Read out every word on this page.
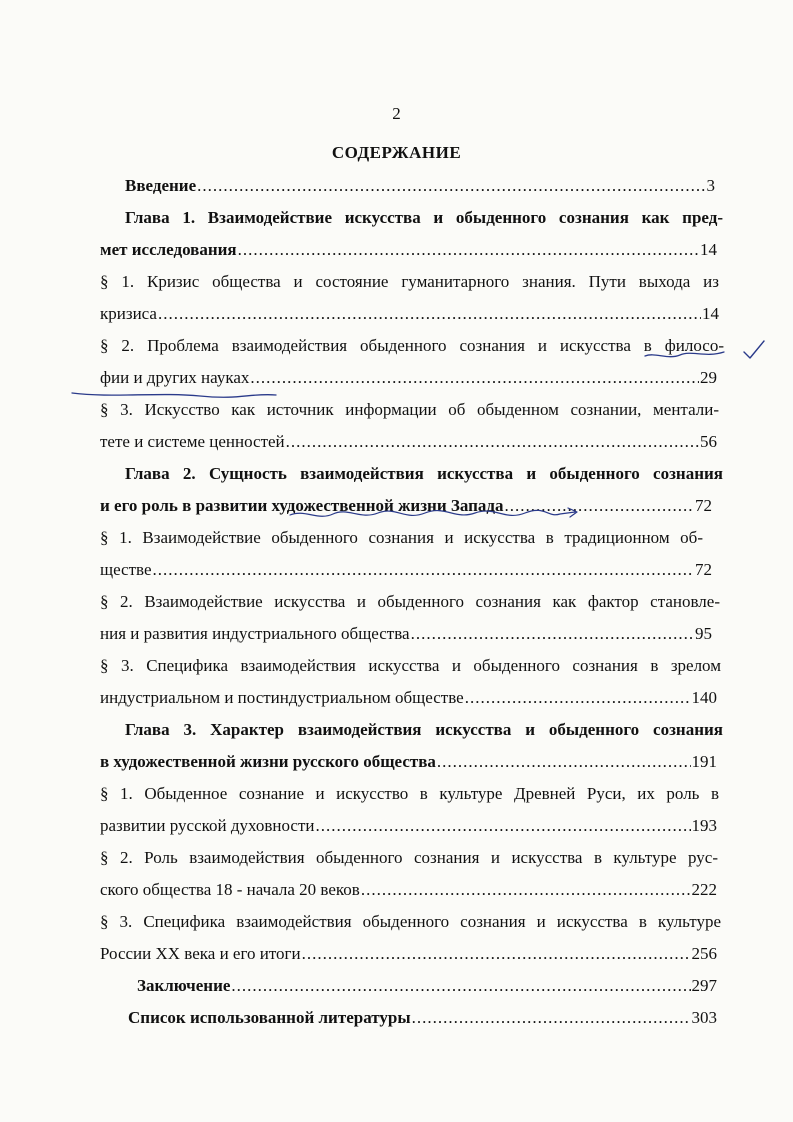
2
СОДЕРЖАНИЕ
Введение .....	3
Глава 1. Взаимодействие искусства и обыденного сознания как пред-
мет исследования .....	14
§ 1. Кризис общества и состояние гуманитарного знания. Пути выхода из
кризиса .....	14
§ 2. Проблема взаимодействия обыденного сознания и искусства в филосо-
фии и других науках .....	29
§ 3. Искусство как источник информации об обыденном сознании, ментали-
тете и системе ценностей .....	56
Глава 2. Сущность взаимодействия искусства и обыденного сознания
и его роль в развитии художественной жизни Запада .....	72
§ 1. Взаимодействие обыденного сознания и искусства в традиционном об-
ществе .....	72
§ 2. Взаимодействие искусства и обыденного сознания как фактор становле-
ния и развития индустриального общества .....	95
§ 3. Специфика взаимодействия искусства и обыденного сознания в зрелом
индустриальном и постиндустриальном обществе .....	140
Глава 3. Характер взаимодействия искусства и обыденного сознания
в художественной жизни русского общества .....	191
§ 1. Обыденное сознание и искусство в культуре Древней Руси, их роль в
развитии русской духовности .....	193
§ 2. Роль взаимодействия обыденного сознания и искусства в культуре рус-
ского общества 18 - начала 20 веков .....	222
§ 3. Специфика взаимодействия обыденного сознания и искусства в культуре
России XX века и его итоги .....	256
Заключение .....	297
Список использованной литературы .....	303
